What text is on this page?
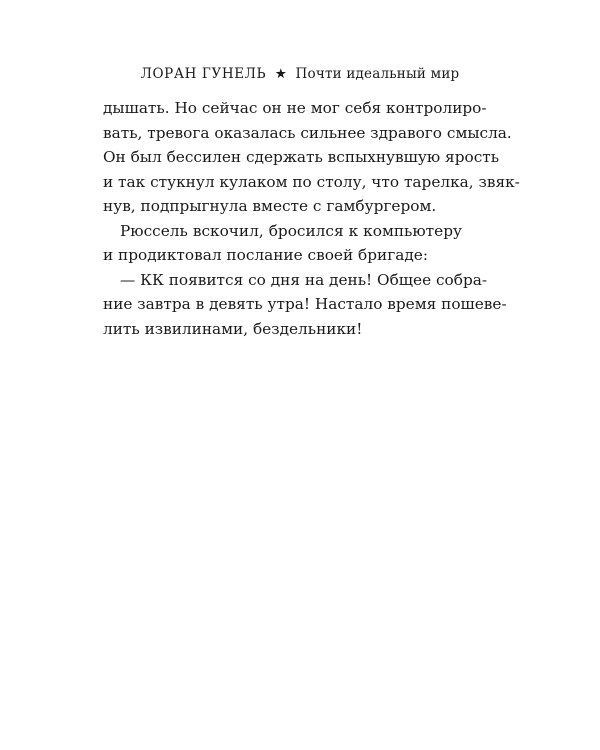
ЛОРАН ГУНЕЛЬ ★ Почти идеальный мир
дышать. Но сейчас он не мог себя контролиро-
вать, тревога оказалась сильнее здравого смысла.
Он был бессилен сдержать вспыхнувшую ярость
и так стукнул кулаком по столу, что тарелка, звяк-
нув, подпрыгнула вместе с гамбургером.
Рюссель вскочил, бросился к компьютеру
и продиктовал послание своей бригаде:
— КК появится со дня на день! Общее собра-
ние завтра в девять утра! Настало время пошеве-
лить извилинами, бездельники!
